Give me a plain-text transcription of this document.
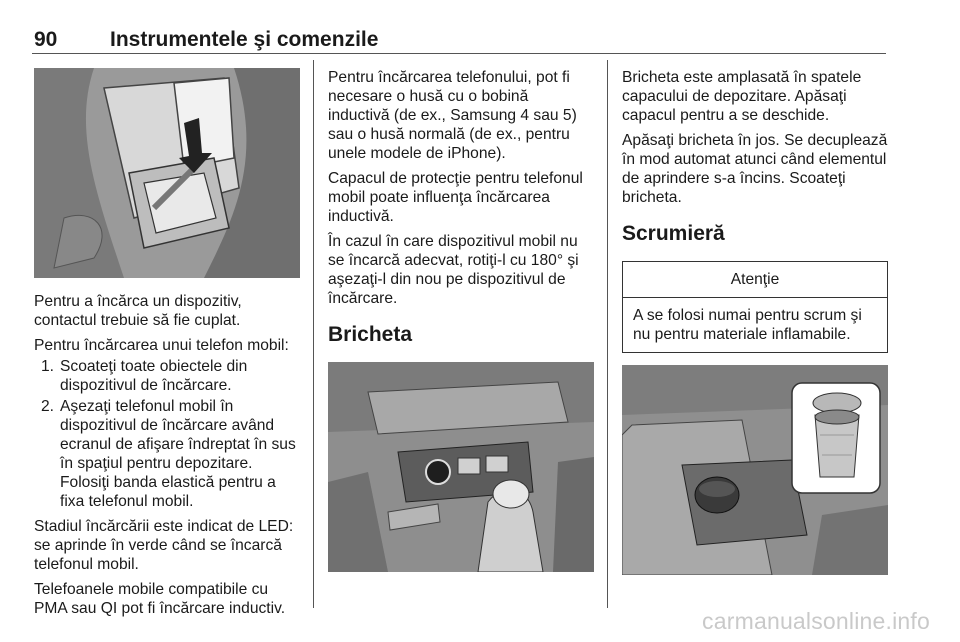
90	Instrumentele şi comenzile
Pentru a încărca un dispozitiv, contactul trebuie să fie cuplat.
Pentru încărcarea unui telefon mobil:
1. Scoateţi toate obiectele din dispozitivul de încărcare.
2. Aşezaţi telefonul mobil în dispozitivul de încărcare având ecranul de afişare îndreptat în sus în spaţiul pentru depozitare. Folosiţi banda elastică pentru a fixa telefonul mobil.
Stadiul încărcării este indicat de LED: se aprinde în verde când se încarcă telefonul mobil.
Telefoanele mobile compatibile cu PMA sau QI pot fi încărcare inductiv.
Pentru încărcarea telefonului, pot fi necesare o husă cu o bobină inductivă (de ex., Samsung 4 sau 5) sau o husă normală (de ex., pentru unele modele de iPhone).
Capacul de protecţie pentru telefonul mobil poate influenţa încărcarea inductivă.
În cazul în care dispozitivul mobil nu se încarcă adecvat, rotiţi-l cu 180° şi aşezaţi-l din nou pe dispozitivul de încărcare.
Bricheta
Bricheta este amplasată în spatele capacului de depozitare. Apăsaţi capacul pentru a se deschide.
Apăsaţi bricheta în jos. Se decuplează în mod automat atunci când elementul de aprindere s-a încins. Scoateţi bricheta.
Scrumieră
Atenţie
A se folosi numai pentru scrum şi nu pentru materiale inflamabile.
carmanualsonline.info
